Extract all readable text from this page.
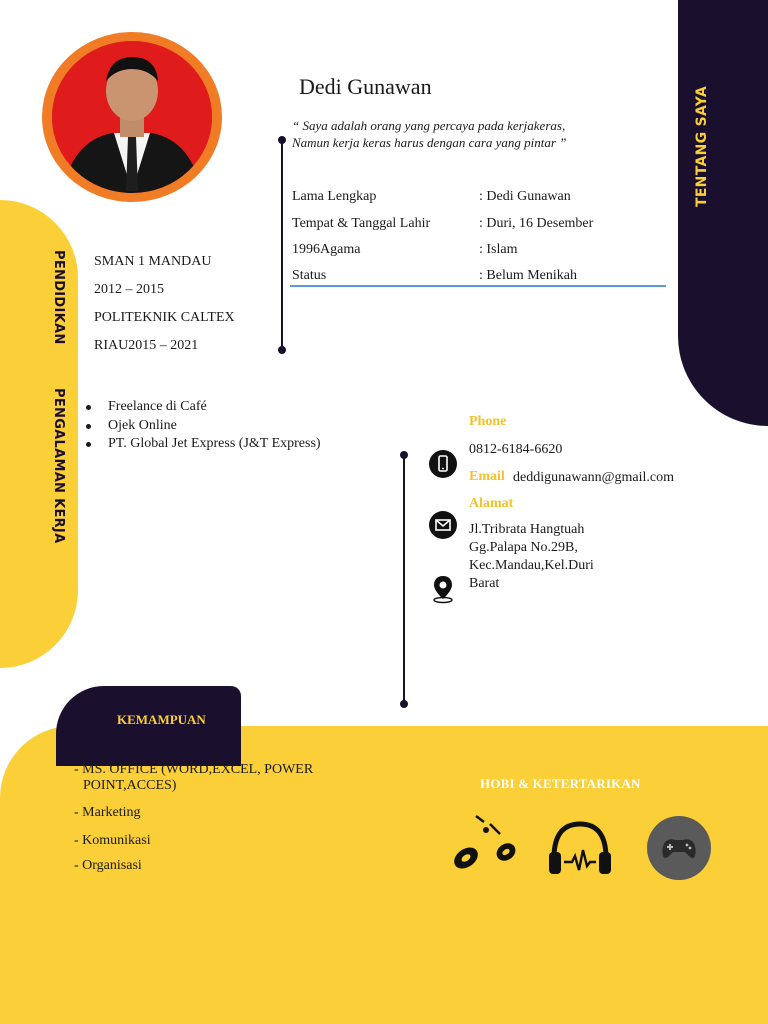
Dedi Gunawan
“ Saya adalah orang yang percaya pada kerjakeras,
Namun kerja keras harus dengan cara yang pintar ”	TENTANG SAYA
PENDIDIKAN
PENGALAMAN KERJA
Lama Lengkap	: Dedi Gunawan
Tempat & Tanggal Lahir	: Duri, 16 Desember
1996Agama	: Islam
Status	: Belum Menikah
SMAN 1 MANDAU
2012 – 2015
POLITEKNIK CALTEX
RIAU2015 – 2021
Freelance di Café
Ojek Online
PT. Global Jet Express (J&T Express)
Phone
0812-6184-6620
Email deddigunawann@gmail.com
Alamat
Jl.Tribrata Hangtuah
Gg.Palapa No.29B,
Kec.Mandau,Kel.Duri
Barat
KEMAMPUAN
- MS. OFFICE (WORD,EXCEL, POWER
POINT,ACCES)
- Marketing
- Komunikasi
- Organisasi
HOBI & KETERTARIKAN
